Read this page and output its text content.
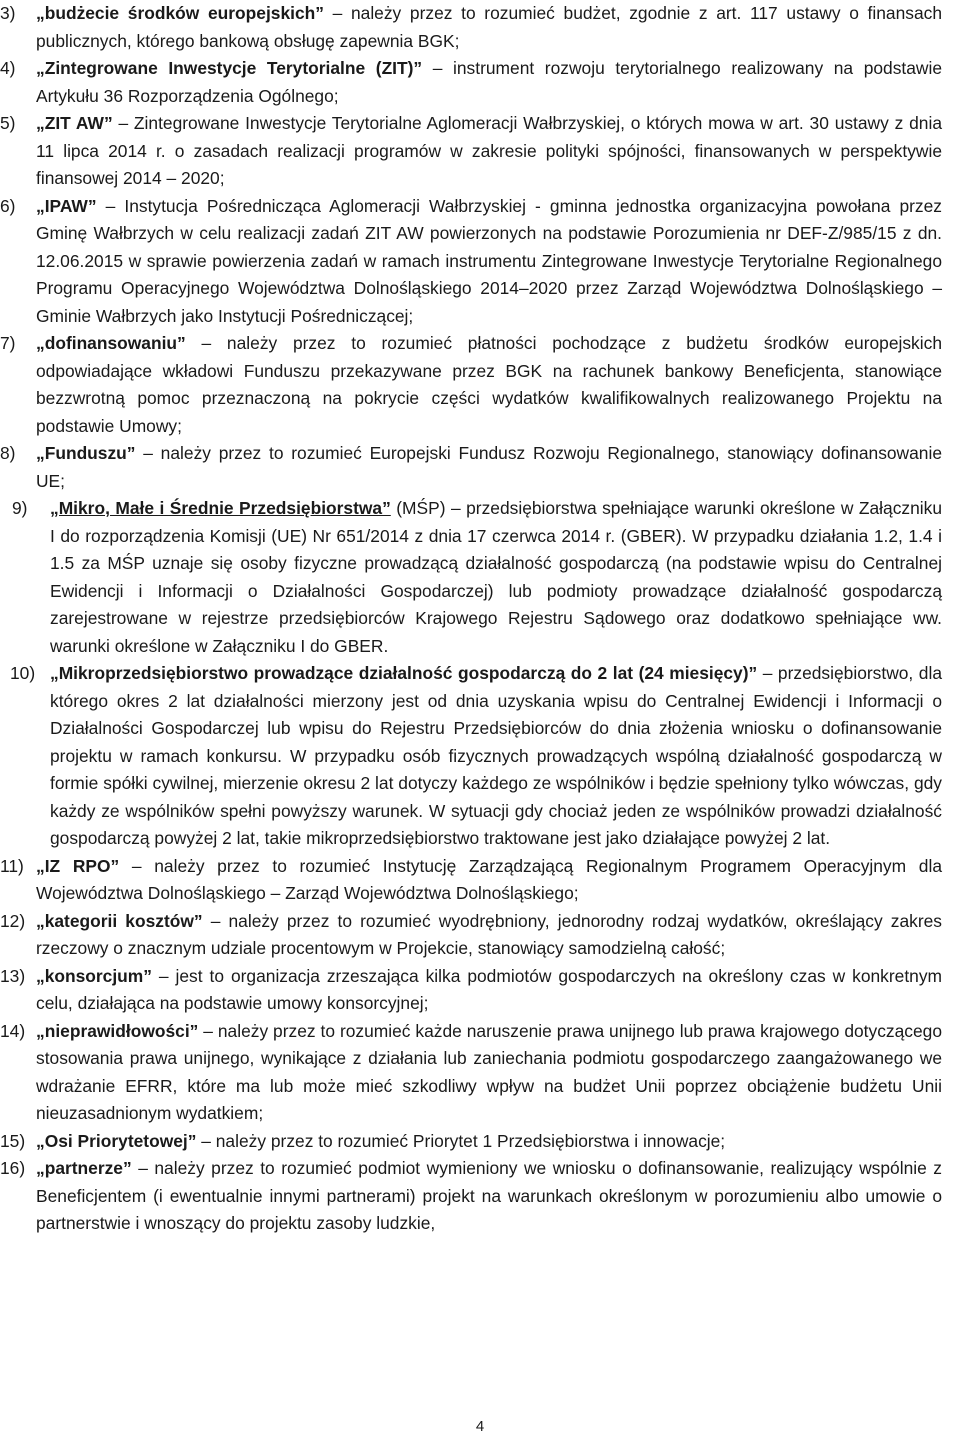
3) „budżecie środków europejskich” – należy przez to rozumieć budżet, zgodnie z art. 117 ustawy o finansach publicznych, którego bankową obsługę zapewnia BGK;

4) „Zintegrowane Inwestycje Terytorialne (ZIT)” – instrument rozwoju terytorialnego realizowany na podstawie Artykułu 36 Rozporządzenia Ogólnego;

5) „ZIT AW” – Zintegrowane Inwestycje Terytorialne Aglomeracji Wałbrzyskiej, o których mowa w art. 30 ustawy z dnia 11 lipca 2014 r. o zasadach realizacji programów w zakresie polityki spójności, finansowanych w perspektywie finansowej 2014 – 2020;

6) „IPAW” – Instytucja Pośrednicząca Aglomeracji Wałbrzyskiej - gminna jednostka organizacyjna powołana przez Gminę Wałbrzych w celu realizacji zadań ZIT AW powierzonych na podstawie Porozumienia nr DEF-Z/985/15 z dn. 12.06.2015 w sprawie powierzenia zadań w ramach instrumentu Zintegrowane Inwestycje Terytorialne Regionalnego Programu Operacyjnego Województwa Dolnośląskiego 2014–2020 przez Zarząd Województwa Dolnośląskiego – Gminie Wałbrzych jako Instytucji Pośredniczącej;

7) „dofinansowaniu” – należy przez to rozumieć płatności pochodzące z budżetu środków europejskich odpowiadające wkładowi Funduszu przekazywane przez BGK na rachunek bankowy Beneficjenta, stanowiące bezzwrotną pomoc przeznaczoną na pokrycie części wydatków kwalifikowalnych realizowanego Projektu na podstawie Umowy;

8) „Funduszu” – należy przez to rozumieć Europejski Fundusz Rozwoju Regionalnego, stanowiący dofinansowanie UE;

9) „Mikro, Małe i Średnie Przedsiębiorstwa” (MŚP) – przedsiębiorstwa spełniające warunki określone w Załączniku I do rozporządzenia Komisji (UE) Nr 651/2014 z dnia 17 czerwca 2014 r. (GBER). W przypadku działania 1.2, 1.4 i 1.5 za MŚP uznaje się osoby fizyczne prowadzącą działalność gospodarczą (na podstawie wpisu do Centralnej Ewidencji i Informacji o Działalności Gospodarczej) lub podmioty prowadzące działalność gospodarczą zarejestrowane w rejestrze przedsiębiorców Krajowego Rejestru Sądowego oraz dodatkowo spełniające ww. warunki określone w Załączniku I do GBER.

10) „Mikroprzedsiębiorstwo prowadzące działalność gospodarczą do 2 lat (24 miesięcy)” – przedsiębiorstwo, dla którego okres 2 lat działalności mierzony jest od dnia uzyskania wpisu do Centralnej Ewidencji i Informacji o Działalności Gospodarczej lub wpisu do Rejestru Przedsiębiorców do dnia złożenia wniosku o dofinansowanie projektu w ramach konkursu. W przypadku osób fizycznych prowadzących wspólną działalność gospodarczą w formie spółki cywilnej, mierzenie okresu 2 lat dotyczy każdego ze wspólników i będzie spełniony tylko wówczas, gdy każdy ze wspólników spełni powyższy warunek. W sytuacji gdy chociaż jeden ze wspólników prowadzi działalność gospodarczą powyżej 2 lat, takie mikroprzedsiębiorstwo traktowane jest jako działające powyżej 2 lat.

11) „IZ RPO” – należy przez to rozumieć Instytucję Zarządzającą Regionalnym Programem Operacyjnym dla Województwa Dolnośląskiego – Zarząd Województwa Dolnośląskiego;

12) „kategorii kosztów” – należy przez to rozumieć wyodrębniony, jednorodny rodzaj wydatków, określający zakres rzeczowy o znacznym udziale procentowym w Projekcie, stanowiący samodzielną całość;

13) „konsorcjum” – jest to organizacja zrzeszająca kilka podmiotów gospodarczych na określony czas w konkretnym celu, działająca na podstawie umowy konsorcyjnej;

14) „nieprawidłowości” – należy przez to rozumieć każde naruszenie prawa unijnego lub prawa krajowego dotyczącego stosowania prawa unijnego, wynikające z działania lub zaniechania podmiotu gospodarczego zaangażowanego we wdrażanie EFRR, które ma lub może mieć szkodliwy wpływ na budżet Unii poprzez obciążenie budżetu Unii nieuzasadnionym wydatkiem;

15) „Osi Priorytetowej” – należy przez to rozumieć Priorytet 1 Przedsiębiorstwa i innowacje;

16) „partnerze” – należy przez to rozumieć podmiot wymieniony we wniosku o dofinansowanie, realizujący wspólnie z Beneficjentem (i ewentualnie innymi partnerami) projekt na warunkach określonym w porozumieniu albo umowie o partnerstwie i wnoszący do projektu zasoby ludzkie,

4
